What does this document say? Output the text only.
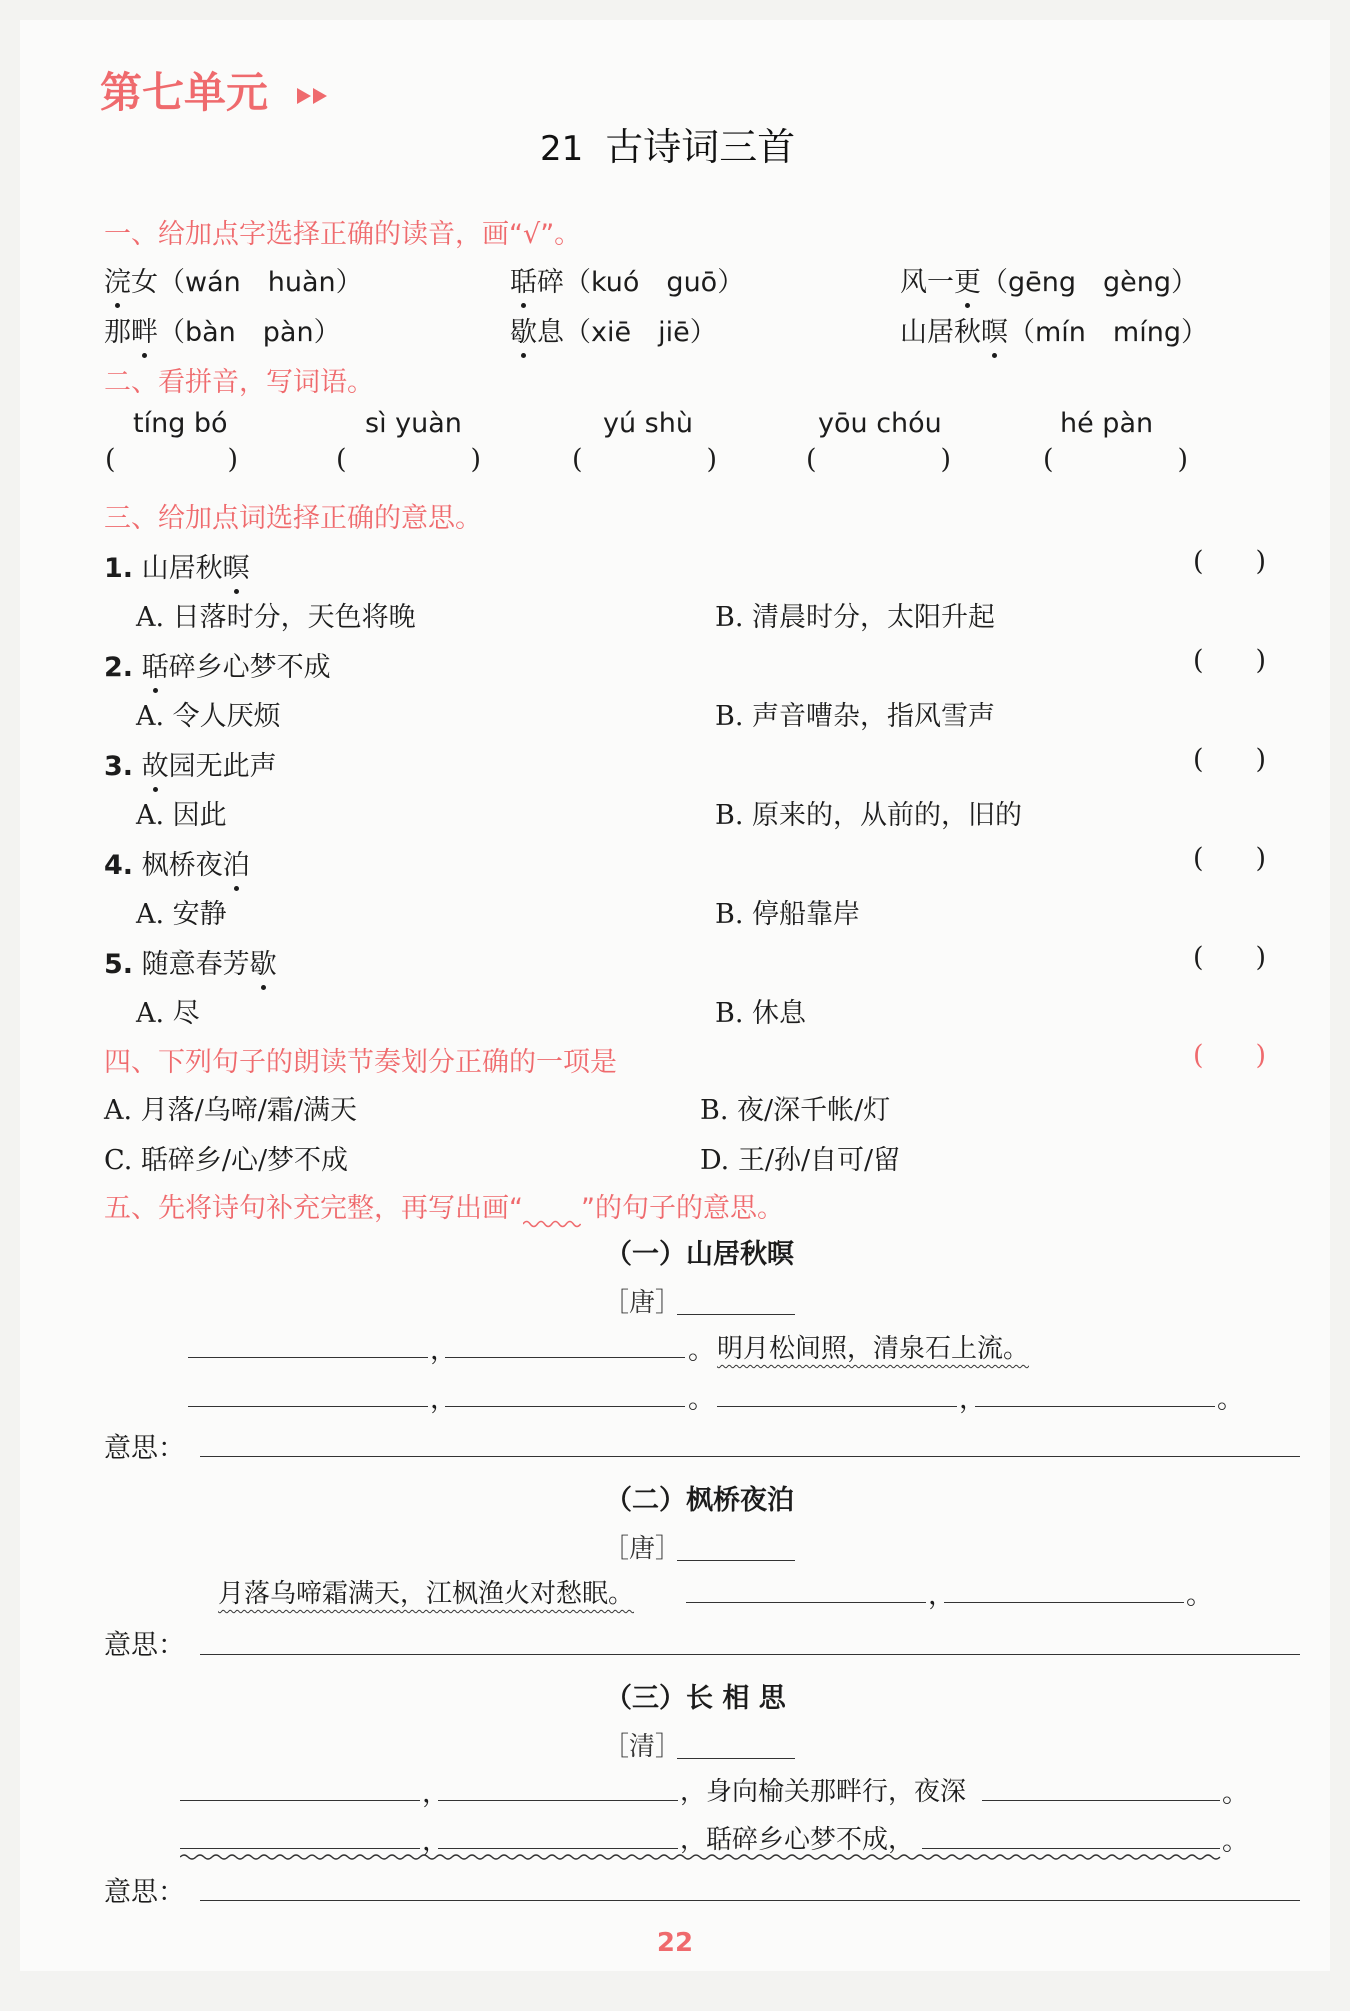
第七单元
21 古诗词三首
一、给加点字选择正确的读音，画“√”。
浣女（wán　huàn）	聒碎（kuó　guō）	风一更（gēng　gèng）
那畔（bàn　pàn）	歇息（xiē　jiē）	山居秋暝（mín　míng）
二、看拼音，写词语。
tíng bó	sì yuàn	yú shù	yōu chóu	hé pàn
(	)	(	)	(	)	(	)	(	)
三、给加点词选择正确的意思。
1. 山居秋暝	( )
A. 日落时分，天色将晚	B. 清晨时分，太阳升起
2. 聒碎乡心梦不成	( )
A. 令人厌烦	B. 声音嘈杂，指风雪声
3. 故园无此声	( )
A. 因此	B. 原来的，从前的，旧的
4. 枫桥夜泊	( )
A. 安静	B. 停船靠岸
5. 随意春芳歇	( )
A. 尽	B. 休息
四、下列句子的朗读节奏划分正确的一项是	( )
A. 月落/乌啼/霜/满天	B. 夜/深千帐/灯
C. 聒碎乡/心/梦不成	D. 王/孙/自可/留
五、先将诗句补充完整，再写出画“ ”的句子的意思。
（一）山居秋暝
［唐］
，	。 明月松间照，清泉石上流。
，	。	，	。
意思：
（二）枫桥夜泊
［唐］
月落乌啼霜满天，江枫渔火对愁眠。	，	。
意思：
（三）长 相 思
［清］
，	，身向榆关那畔行，夜深	。
，	，聒碎乡心梦不成，	。
意思：
22
